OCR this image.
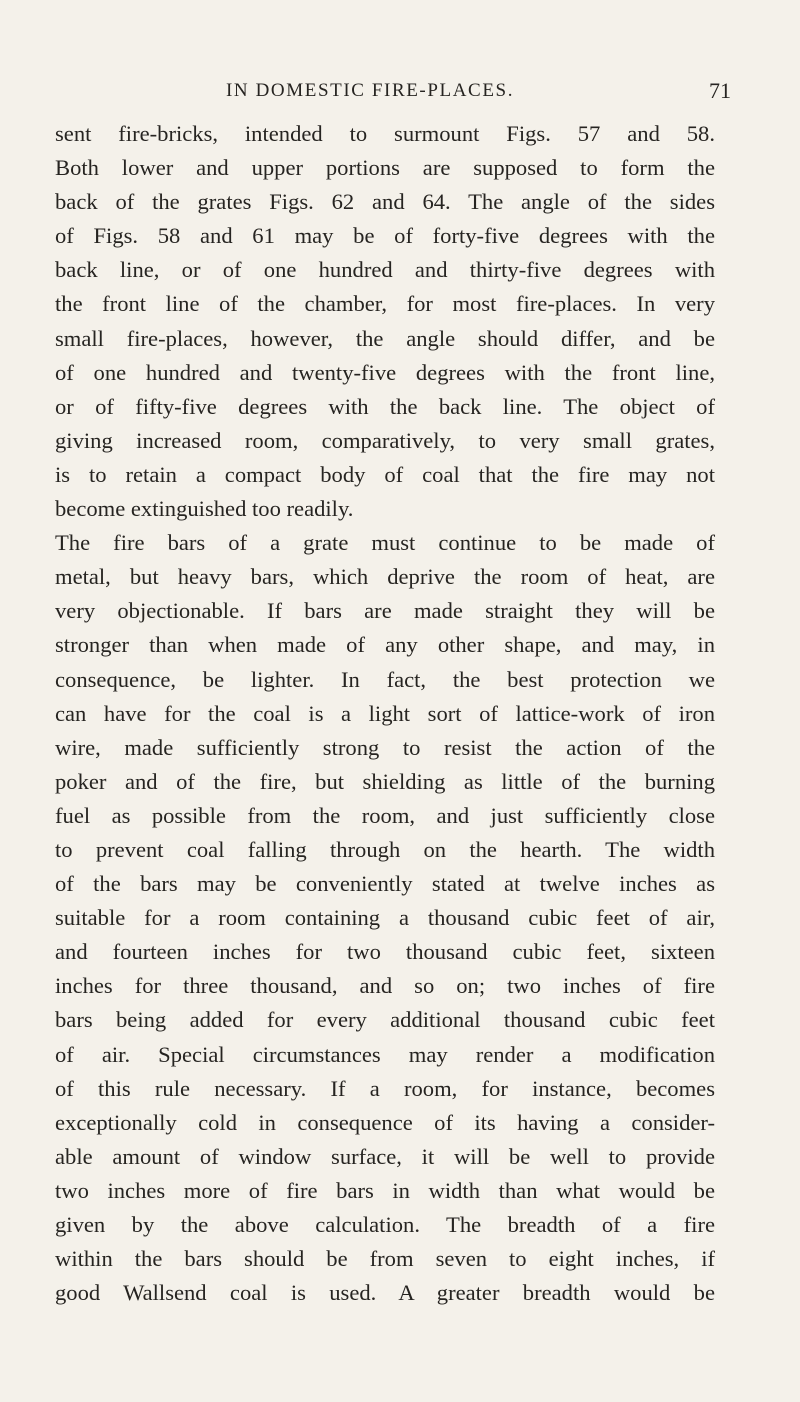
IN DOMESTIC FIRE-PLACES.	71
sent fire-bricks, intended to surmount Figs. 57 and 58.
Both lower and upper portions are supposed to form the
back of the grates Figs. 62 and 64. The angle of the sides
of Figs. 58 and 61 may be of forty-five degrees with the
back line, or of one hundred and thirty-five degrees with
the front line of the chamber, for most fire-places. In very
small fire-places, however, the angle should differ, and be
of one hundred and twenty-five degrees with the front line,
or of fifty-five degrees with the back line. The object of
giving increased room, comparatively, to very small grates,
is to retain a compact body of coal that the fire may not
become extinguished too readily.
The fire bars of a grate must continue to be made of
metal, but heavy bars, which deprive the room of heat, are
very objectionable. If bars are made straight they will be
stronger than when made of any other shape, and may, in
consequence, be lighter. In fact, the best protection we
can have for the coal is a light sort of lattice-work of iron
wire, made sufficiently strong to resist the action of the
poker and of the fire, but shielding as little of the burning
fuel as possible from the room, and just sufficiently close
to prevent coal falling through on the hearth. The width
of the bars may be conveniently stated at twelve inches as
suitable for a room containing a thousand cubic feet of air,
and fourteen inches for two thousand cubic feet, sixteen
inches for three thousand, and so on; two inches of fire
bars being added for every additional thousand cubic feet
of air. Special circumstances may render a modification
of this rule necessary. If a room, for instance, becomes
exceptionally cold in consequence of its having a consider-
able amount of window surface, it will be well to provide
two inches more of fire bars in width than what would be
given by the above calculation. The breadth of a fire
within the bars should be from seven to eight inches, if
good Wallsend coal is used. A greater breadth would be
